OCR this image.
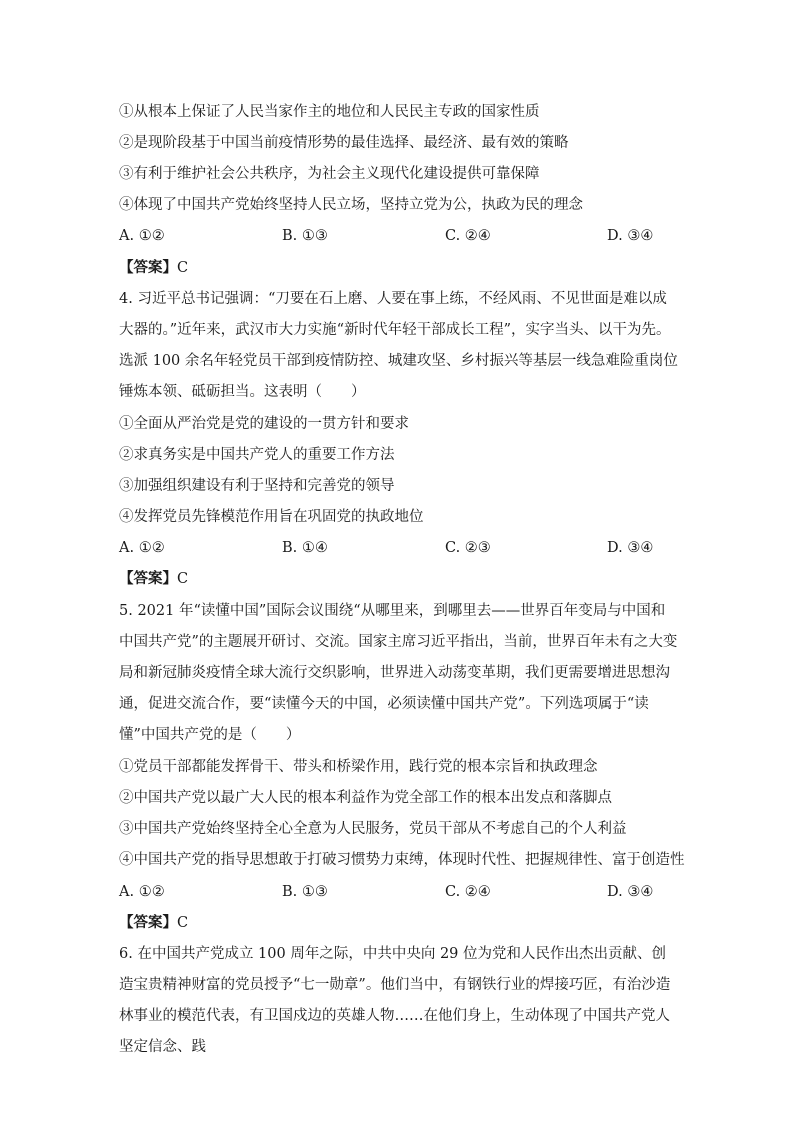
①从根本上保证了人民当家作主的地位和人民民主专政的国家性质
②是现阶段基于中国当前疫情形势的最佳选择、最经济、最有效的策略
③有利于维护社会公共秩序，为社会主义现代化建设提供可靠保障
④体现了中国共产党始终坚持人民立场，坚持立党为公，执政为民的理念
A. ①②	B. ①③	C. ②④	D. ③④
【答案】C
4. 习近平总书记强调：“刀要在石上磨、人要在事上练，不经风雨、不见世面是难以成大器的。”近年来，武汉市大力实施“新时代年轻干部成长工程”，实字当头、以干为先。选派 100 余名年轻党员干部到疫情防控、城建攻坚、乡村振兴等基层一线急难险重岗位锤炼本领、砥砺担当。这表明（　　）
①全面从严治党是党的建设的一贯方针和要求
②求真务实是中国共产党人的重要工作方法
③加强组织建设有利于坚持和完善党的领导
④发挥党员先锋模范作用旨在巩固党的执政地位
A. ①②	B. ①④	C. ②③	D. ③④
【答案】C
5. 2021 年“读懂中国”国际会议围绕“从哪里来，到哪里去——世界百年变局与中国和中国共产党”的主题展开研讨、交流。国家主席习近平指出，当前，世界百年未有之大变局和新冠肺炎疫情全球大流行交织影响，世界进入动荡变革期，我们更需要增进思想沟通，促进交流合作，要“读懂今天的中国，必须读懂中国共产党”。下列选项属于“读懂”中国共产党的是（　　）
①党员干部都能发挥骨干、带头和桥梁作用，践行党的根本宗旨和执政理念
②中国共产党以最广大人民的根本利益作为党全部工作的根本出发点和落脚点
③中国共产党始终坚持全心全意为人民服务，党员干部从不考虑自己的个人利益
④中国共产党的指导思想敢于打破习惯势力束缚，体现时代性、把握规律性、富于创造性
A. ①②	B. ①③	C. ②④	D. ③④
【答案】C
6. 在中国共产党成立 100 周年之际，中共中央向 29 位为党和人民作出杰出贡献、创造宝贵精神财富的党员授予“七一勋章”。他们当中，有钢铁行业的焊接巧匠，有治沙造林事业的模范代表，有卫国戍边的英雄人物……在他们身上，生动体现了中国共产党人坚定信念、践
